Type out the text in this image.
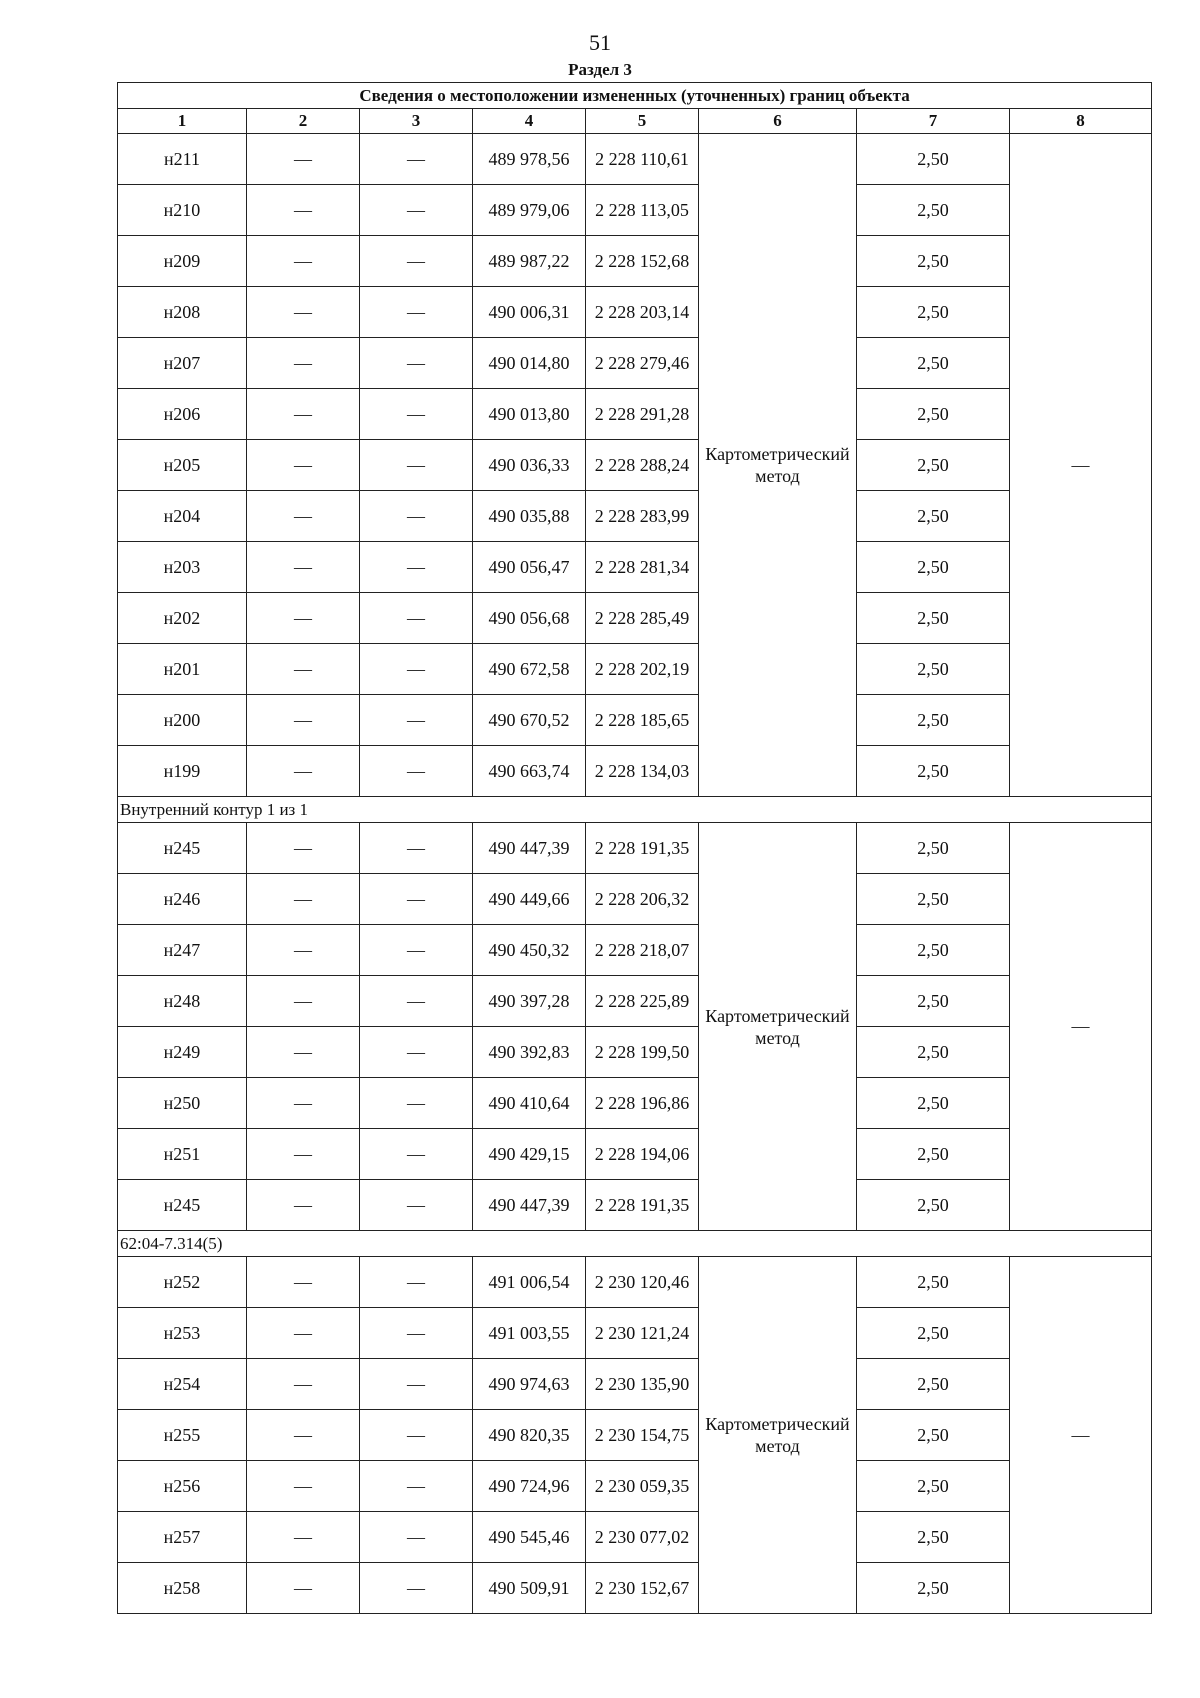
51
Раздел 3
Сведения о местоположении измененных (уточненных) границ объекта							
1	2	3	4	5	6	7	8
н211	—	—	489 978,56	2 228 110,61	Картометрический метод	2,50	—
н210	—	—	489 979,06	2 228 113,05		2,50	
н209	—	—	489 987,22	2 228 152,68		2,50	
н208	—	—	490 006,31	2 228 203,14		2,50	
н207	—	—	490 014,80	2 228 279,46		2,50	
н206	—	—	490 013,80	2 228 291,28		2,50	
н205	—	—	490 036,33	2 228 288,24		2,50	
н204	—	—	490 035,88	2 228 283,99		2,50	
н203	—	—	490 056,47	2 228 281,34		2,50	
н202	—	—	490 056,68	2 228 285,49		2,50	
н201	—	—	490 672,58	2 228 202,19		2,50	
н200	—	—	490 670,52	2 228 185,65		2,50	
н199	—	—	490 663,74	2 228 134,03		2,50	
Внутренний контур 1 из 1							
н245	—	—	490 447,39	2 228 191,35	Картометрический метод	2,50	—
н246	—	—	490 449,66	2 228 206,32		2,50	
н247	—	—	490 450,32	2 228 218,07		2,50	
н248	—	—	490 397,28	2 228 225,89		2,50	
н249	—	—	490 392,83	2 228 199,50		2,50	
н250	—	—	490 410,64	2 228 196,86		2,50	
н251	—	—	490 429,15	2 228 194,06		2,50	
н245	—	—	490 447,39	2 228 191,35		2,50	
62:04-7.314(5)							
н252	—	—	491 006,54	2 230 120,46	Картометрический метод	2,50	—
н253	—	—	491 003,55	2 230 121,24		2,50	
н254	—	—	490 974,63	2 230 135,90		2,50	
н255	—	—	490 820,35	2 230 154,75		2,50	
н256	—	—	490 724,96	2 230 059,35		2,50	
н257	—	—	490 545,46	2 230 077,02		2,50	
н258	—	—	490 509,91	2 230 152,67		2,50	
